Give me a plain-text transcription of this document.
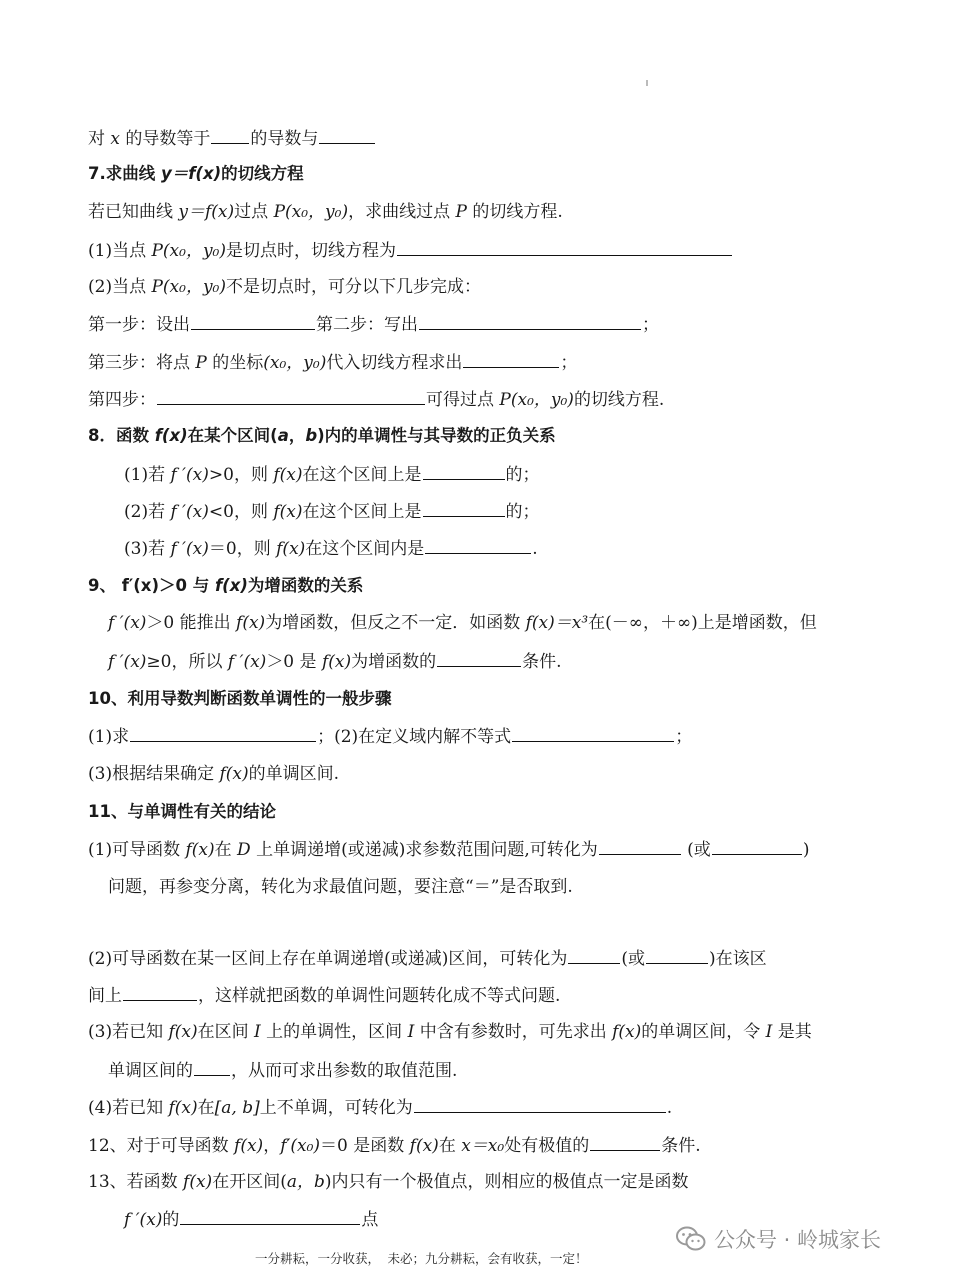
对 x 的导数等于 的导数与
7.求曲线 y＝f(x)的切线方程
若已知曲线 y＝f(x)过点 P(x₀，y₀)，求曲线过点 P 的切线方程.
(1)当点 P(x₀，y₀)是切点时，切线方程为
(2)当点 P(x₀，y₀)不是切点时，可分以下几步完成：
第一步：设出	第二步：写出	；
第三步：将点 P 的坐标(x₀，y₀)代入切线方程求出	；
第四步：	可得过点 P(x₀，y₀)的切线方程.
8．函数 f(x)在某个区间(a，b)内的单调性与其导数的正负关系
(1)若 f ′(x)>0，则 f(x)在这个区间上是	的；
(2)若 f ′(x)<0，则 f(x)在这个区间上是	的；
(3)若 f ′(x)＝0，则 f(x)在这个区间内是	.
9、 f′(x)＞0 与 f(x)为增函数的关系
f ′(x)＞0 能推出 f(x)为增函数，但反之不一定．如函数 f(x)＝x³在(－∞，＋∞)上是增函数，但
f ′(x)≥0，所以 f ′(x)＞0 是 f(x)为增函数的	条件.
10、利用导数判断函数单调性的一般步骤
(1)求	；(2)在定义域内解不等式	；
(3)根据结果确定 f(x)的单调区间.
11、与单调性有关的结论
(1)可导函数 f(x)在 D 上单调递增(或递减)求参数范围问题,可转化为	(或	)
问题，再参变分离，转化为求最值问题，要注意“＝”是否取到.
(2)可导函数在某一区间上存在单调递增(或递减)区间，可转化为	(或	)在该区
间上	，这样就把函数的单调性问题转化成不等式问题.
(3)若已知 f(x)在区间 I 上的单调性，区间 I 中含有参数时，可先求出 f(x)的单调区间，令 I 是其
单调区间的 ，从而可求出参数的取值范围.
(4)若已知 f(x)在[a, b]上不单调，可转化为	.
12、对于可导函数 f(x)，f′(x₀)＝0 是函数 f(x)在 x＝x₀处有极值的	条件.
13、若函数 f(x)在开区间(a，b)内只有一个极值点，则相应的极值点一定是函数
f ′(x)的	点
公众号 · 岭城家长
一分耕耘，一分收获， 未必；九分耕耘，会有收获，一定！
